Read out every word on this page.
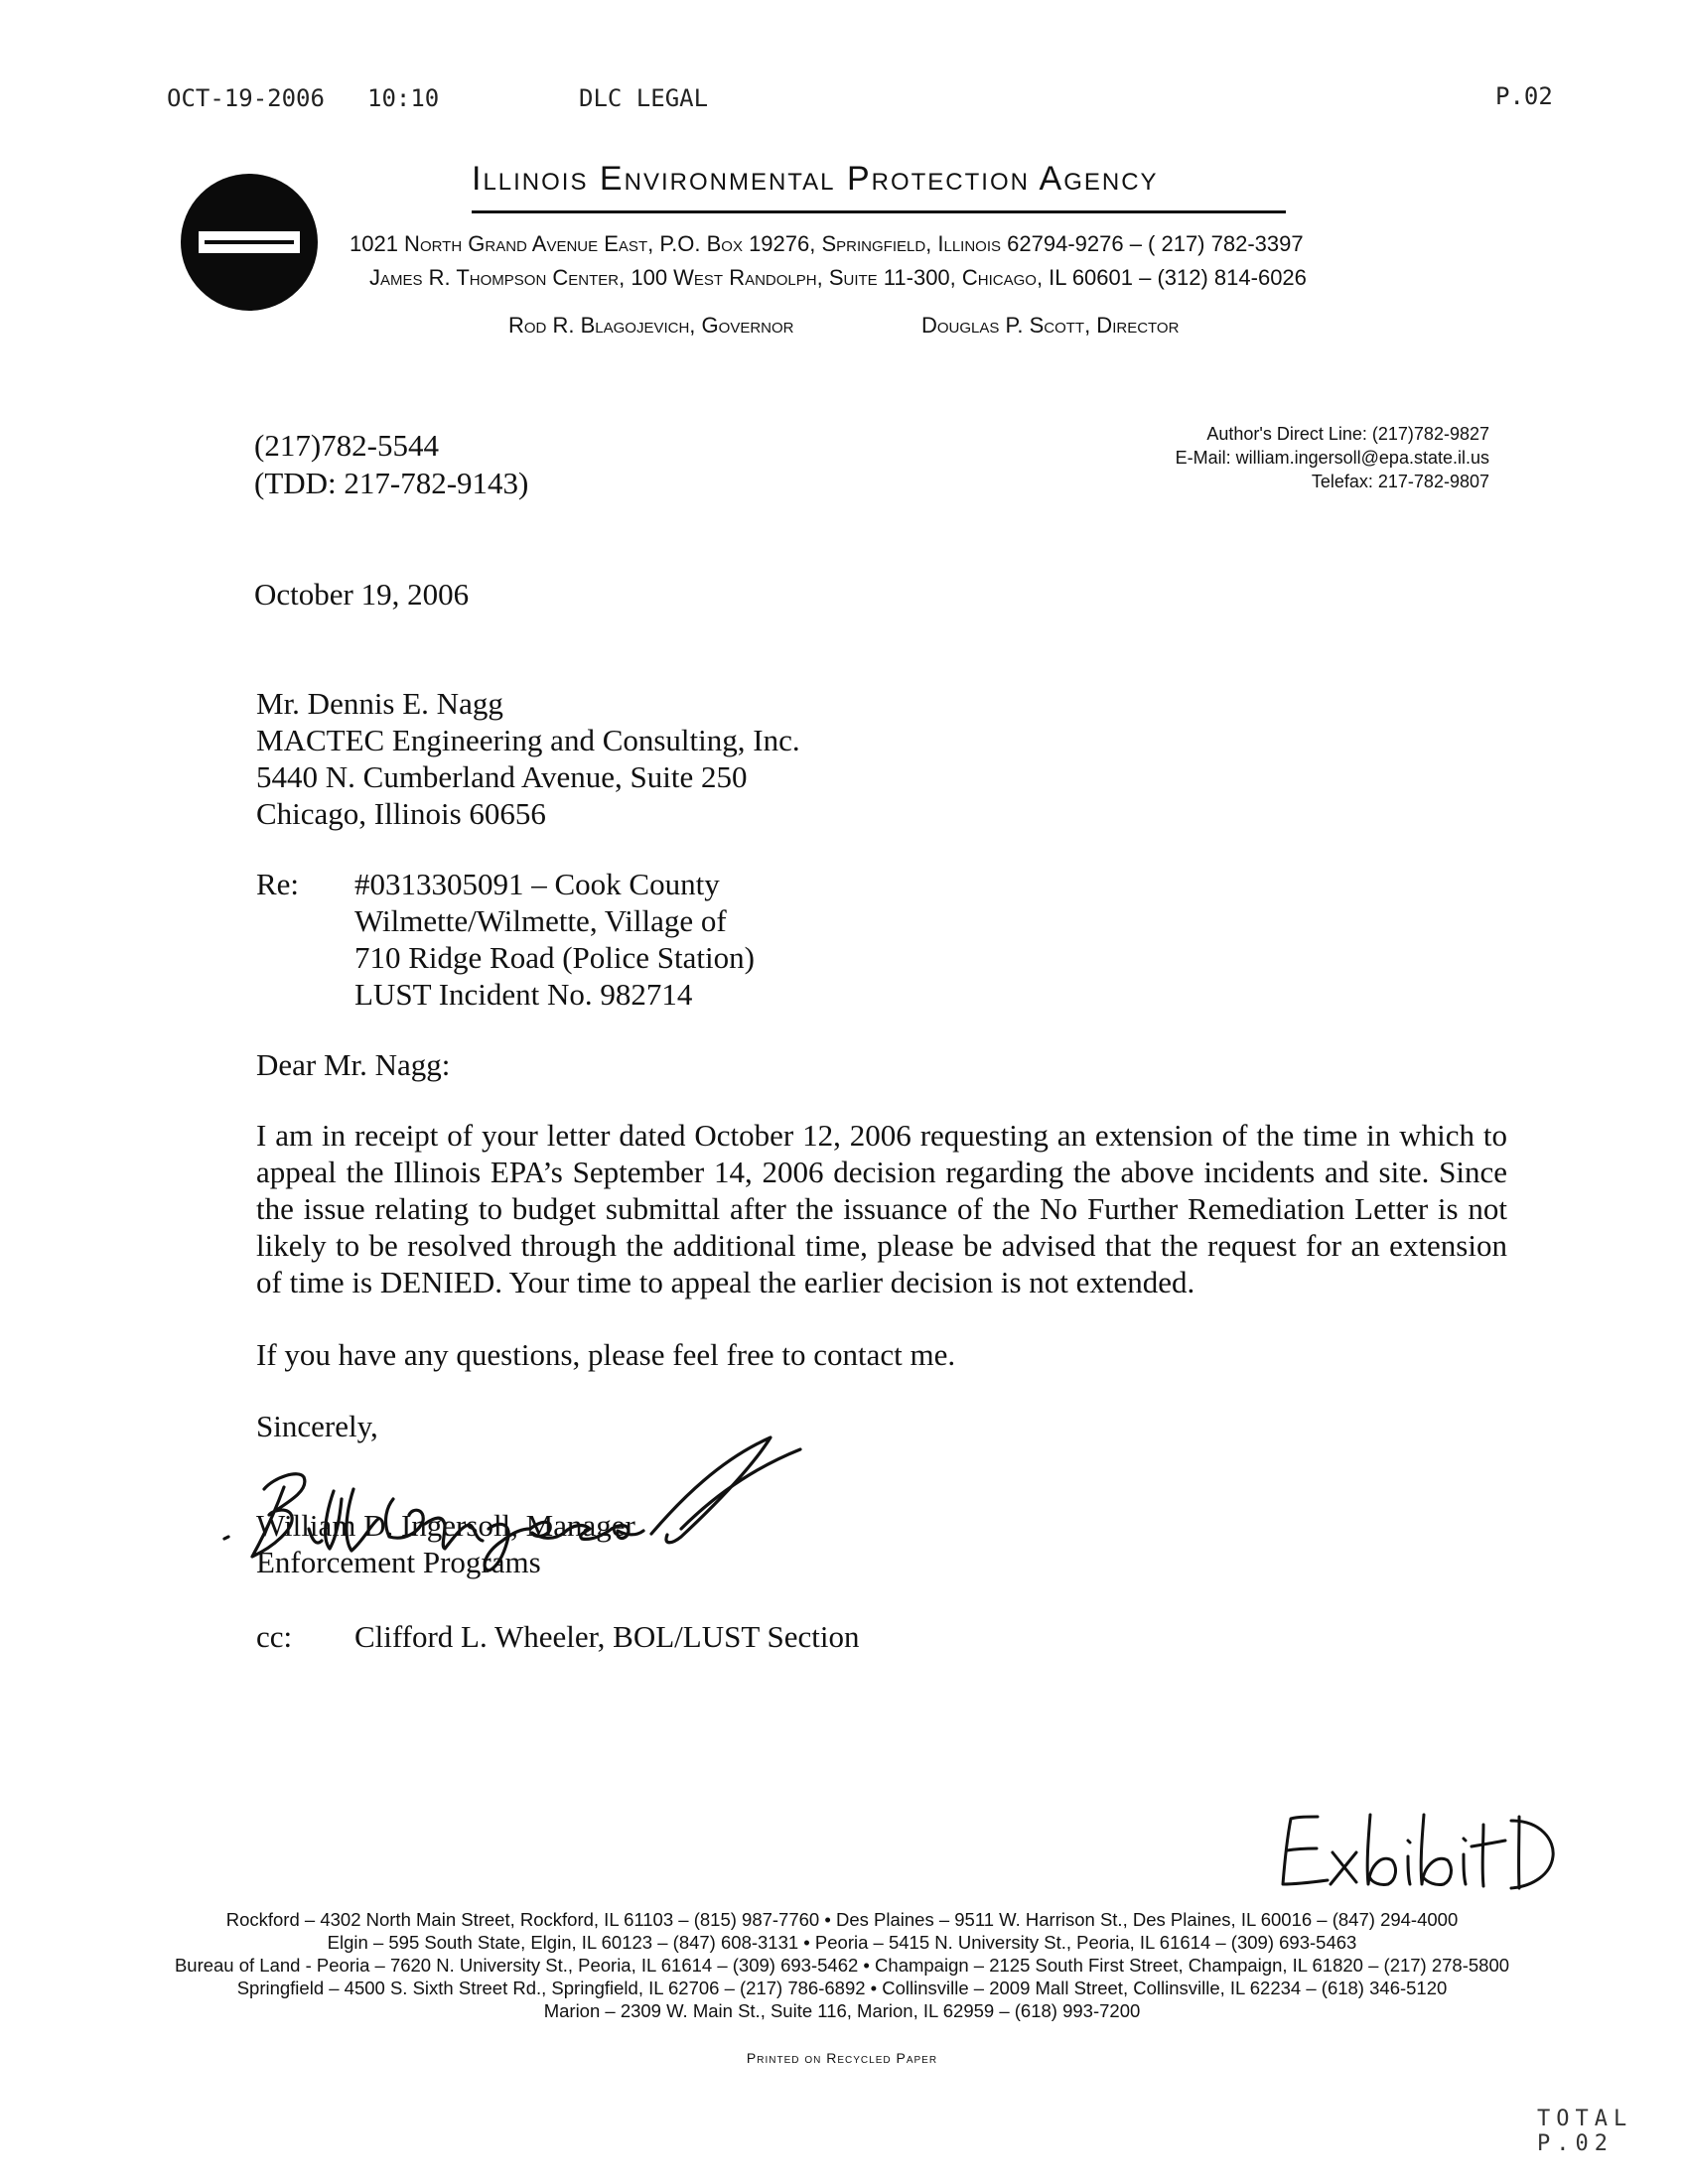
OCT-19-2006 10:10	DLC LEGAL	P.02
Illinois Environmental Protection Agency
1021 North Grand Avenue East, P.O. Box 19276, Springfield, Illinois 62794-9276 – ( 217) 782-3397
James R. Thompson Center, 100 West Randolph, Suite 11-300, Chicago, IL 60601 – (312) 814-6026
Rod R. Blagojevich, Governor	Douglas P. Scott, Director
(217)782-5544
(TDD: 217-782-9143)
Author's Direct Line: (217)782-9827
E-Mail: william.ingersoll@epa.state.il.us
Telefax: 217-782-9807
October 19, 2006
Mr. Dennis E. Nagg
MACTEC Engineering and Consulting, Inc.
5440 N. Cumberland Avenue, Suite 250
Chicago, Illinois 60656
Re: #0313305091 – Cook County
Wilmette/Wilmette, Village of
710 Ridge Road (Police Station)
LUST Incident No. 982714
Dear Mr. Nagg:
I am in receipt of your letter dated October 12, 2006 requesting an extension of the time in which to
appeal the Illinois EPA’s September 14, 2006 decision regarding the above incidents and site. Since
the issue relating to budget submittal after the issuance of the No Further Remediation Letter is not
likely to be resolved through the additional time, please be advised that the request for an extension
of time is DENIED. Your time to appeal the earlier decision is not extended.
If you have any questions, please feel free to contact me.
Sincerely,
William D. Ingersoll, Manager
Enforcement Programs
cc: Clifford L. Wheeler, BOL/LUST Section
Rockford – 4302 North Main Street, Rockford, IL 61103 – (815) 987-7760 • Des Plaines – 9511 W. Harrison St., Des Plaines, IL 60016 – (847) 294-4000
Elgin – 595 South State, Elgin, IL 60123 – (847) 608-3131 • Peoria – 5415 N. University St., Peoria, IL 61614 – (309) 693-5463
Bureau of Land - Peoria – 7620 N. University St., Peoria, IL 61614 – (309) 693-5462 • Champaign – 2125 South First Street, Champaign, IL 61820 – (217) 278-5800
Springfield – 4500 S. Sixth Street Rd., Springfield, IL 62706 – (217) 786-6892 • Collinsville – 2009 Mall Street, Collinsville, IL 62234 – (618) 346-5120
Marion – 2309 W. Main St., Suite 116, Marion, IL 62959 – (618) 993-7200
Printed on Recycled Paper
TOTAL P.02
